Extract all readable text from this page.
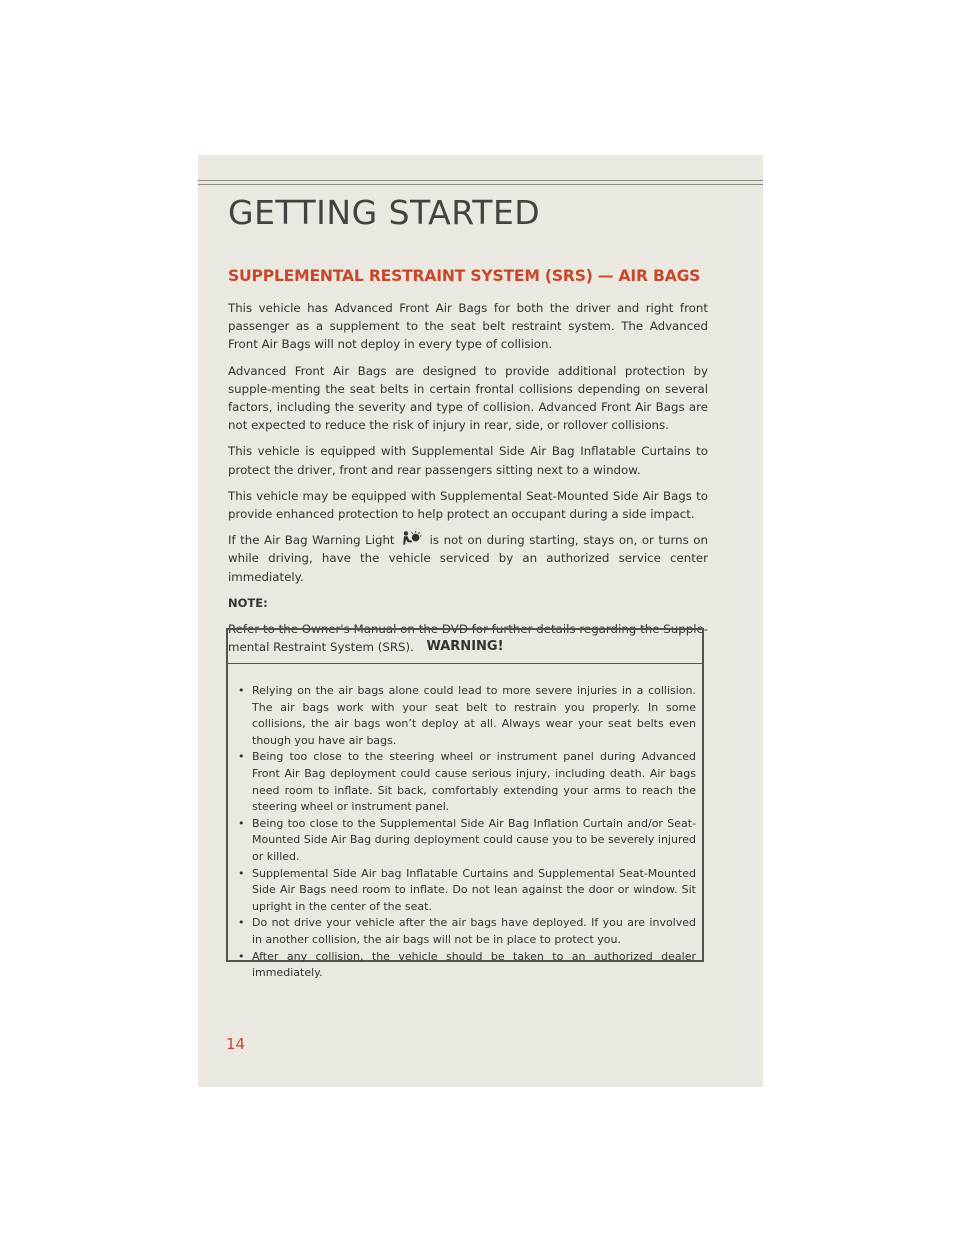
GETTING STARTED
SUPPLEMENTAL RESTRAINT SYSTEM (SRS) — AIR BAGS

This vehicle has Advanced Front Air Bags for both the driver and right front passenger as a supplement to the seat belt restraint system. The Advanced Front Air Bags will not deploy in every type of collision.

Advanced Front Air Bags are designed to provide additional protection by supple-menting the seat belts in certain frontal collisions depending on several factors, including the severity and type of collision. Advanced Front Air Bags are not expected to reduce the risk of injury in rear, side, or rollover collisions.

This vehicle is equipped with Supplemental Side Air Bag Inflatable Curtains to protect the driver, front and rear passengers sitting next to a window.

This vehicle may be equipped with Supplemental Seat-Mounted Side Air Bags to provide enhanced protection to help protect an occupant during a side impact.

If the Air Bag Warning Light	is not on during starting, stays on, or turns on while driving, have the vehicle serviced by an authorized service center immediately.

NOTE:

Refer to the Owner's Manual on the DVD for further details regarding the Supple-mental Restraint System (SRS). WARNING!
• Relying on the air bags alone could lead to more severe injuries in a collision. The air bags work with your seat belt to restrain you properly. In some collisions, the air bags won’t deploy at all. Always wear your seat belts even though you have air bags.
• Being too close to the steering wheel or instrument panel during Advanced Front Air Bag deployment could cause serious injury, including death. Air bags need room to inflate. Sit back, comfortably extending your arms to reach the steering wheel or instrument panel.
• Being too close to the Supplemental Side Air Bag Inflation Curtain and/or Seat-Mounted Side Air Bag during deployment could cause you to be severely injured or killed.
• Supplemental Side Air bag Inflatable Curtains and Supplemental Seat-Mounted Side Air Bags need room to inflate. Do not lean against the door or window. Sit upright in the center of the seat.
• Do not drive your vehicle after the air bags have deployed. If you are involved in another collision, the air bags will not be in place to protect you.
• After any collision, the vehicle should be taken to an authorized dealer immediately.
14
